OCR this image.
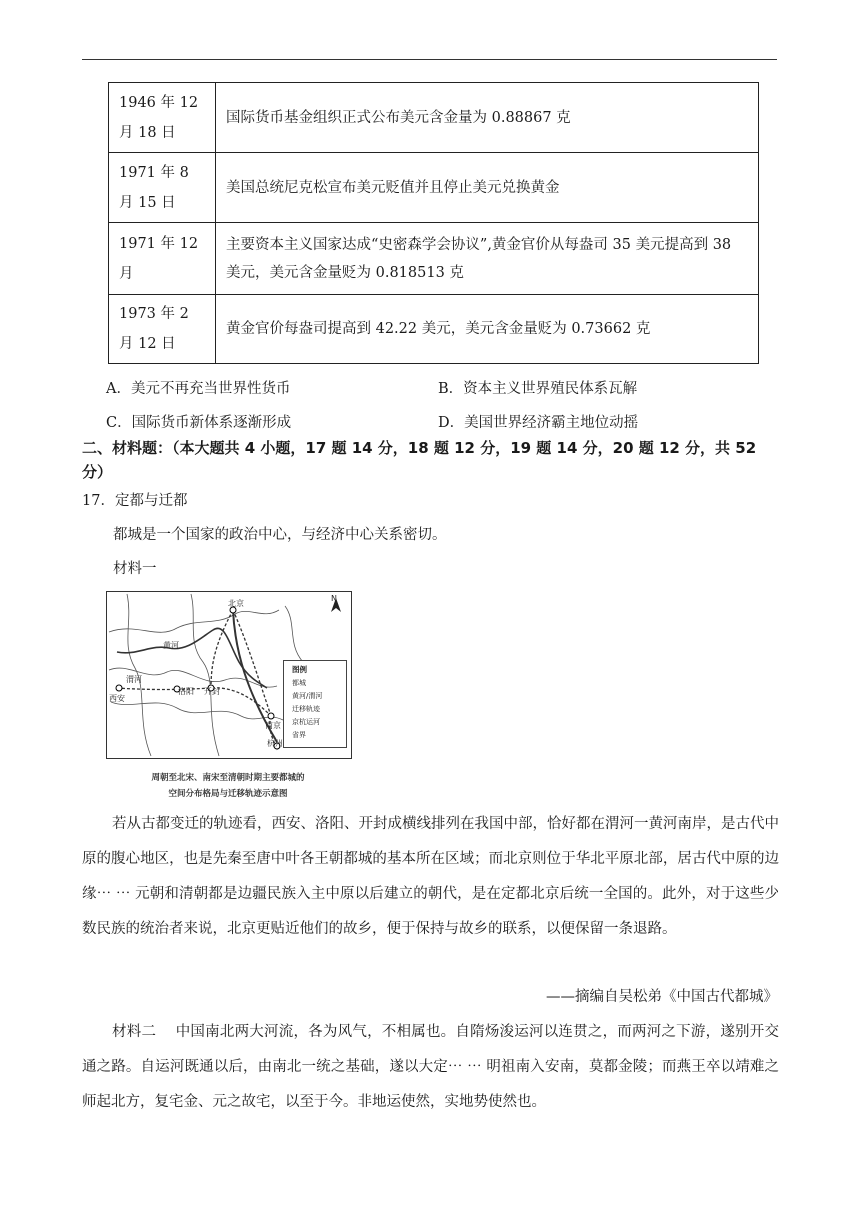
1946 年 12 月 18 日	国际货币基金组织正式公布美元含金量为 0.88867 克
1971 年 8 月 15 日	美国总统尼克松宣布美元贬值并且停止美元兑换黄金
1971 年 12 月	主要资本主义国家达成“史密森学会协议”,黄金官价从每盎司 35 美元提高到 38 美元，美元含金量贬为 0.818513 克
1973 年 2 月 12 日	黄金官价每盎司提高到 42.22 美元，美元含金量贬为 0.73662 克
A．美元不再充当世界性货币	B．资本主义世界殖民体系瓦解
C．国际货币新体系逐渐形成	D．美国世界经济霸主地位动摇
二、材料题：（本大题共 4 小题，17 题 14 分，18 题 12 分，19 题 14 分，20 题 12 分，共 52 分）
17．定都与迁都
都城是一个国家的政治中心，与经济中心关系密切。
材料一
北京
黄河
渭河
西安
洛阳 开封
南京
杭州
N
图例
都城
黄河/渭河
迁移轨迹
京杭运河
省界
周朝至北宋、南宋至清朝时期主要都城的
空间分布格局与迁移轨迹示意图
若从古都变迁的轨迹看，西安、洛阳、开封成横线排列在我国中部，恰好都在渭河一黄河南岸，是古代中原的腹心地区，也是先秦至唐中叶各王朝都城的基本所在区域；而北京则位于华北平原北部，居古代中原的边缘⋯ ⋯ 元朝和清朝都是边疆民族入主中原以后建立的朝代，是在定都北京后统一全国的。此外，对于这些少数民族的统治者来说，北京更贴近他们的故乡，便于保持与故乡的联系，以便保留一条退路。
——摘编自吴松弟《中国古代都城》
材料二　 中国南北两大河流，各为风气，不相属也。自隋炀浚运河以连贯之，而两河之下游，遂别开交通之路。自运河既通以后，由南北一统之基础，遂以大定⋯ ⋯ 明祖南入安南，莫都金陵；而燕王卒以靖难之师起北方，复宅金、元之故宅，以至于今。非地运使然，实地势使然也。
